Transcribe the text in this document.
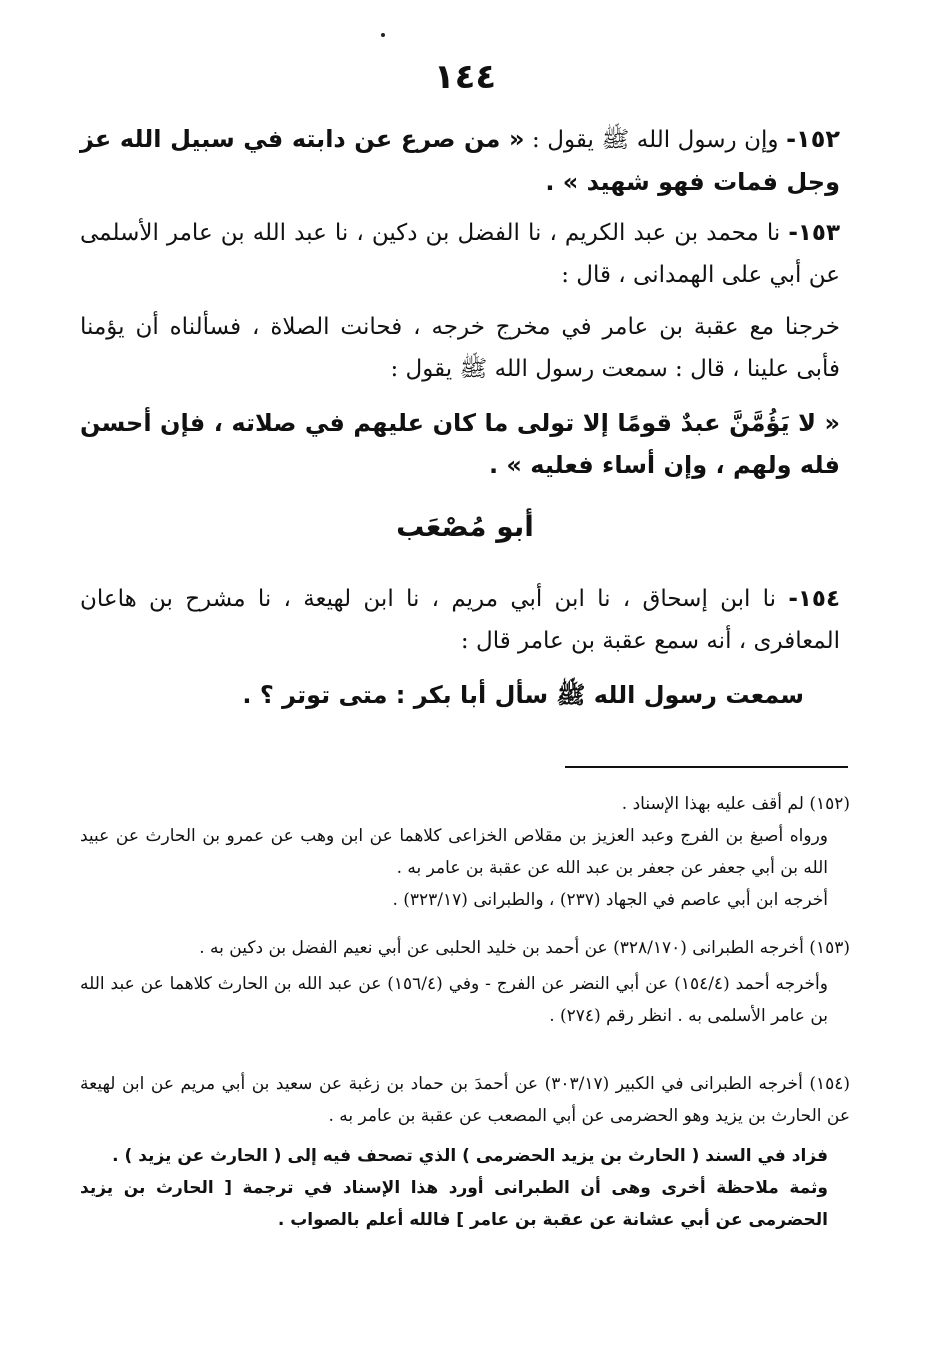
١٤٤

١٥٢- وإن رسول الله ﷺ يقول : « من صرع عن دابته في سبيل الله عز وجل فمات فهو شهيد » .

١٥٣- نا محمد بن عبد الكريم ، نا الفضل بن دكين ، نا عبد الله بن عامر الأسلمى عن أبي على الهمدانى ، قال :

خرجنا مع عقبة بن عامر في مخرج خرجه ، فحانت الصلاة ، فسألناه أن يؤمنا فأبى علينا ، قال : سمعت رسول الله ﷺ يقول :

« لا يَؤُمَّنَّ عبدٌ قومًا إلا تولى ما كان عليهم في صلاته ، فإن أحسن فله ولهم ، وإن أساء فعليه » .

أبو مُصْعَب

١٥٤- نا ابن إسحاق ، نا ابن أبي مريم ، نا ابن لهيعة ، نا مشرح بن هاعان المعافرى ، أنه سمع عقبة بن عامر قال :

سمعت رسول الله ﷺ سأل أبا بكر : متى توتر ؟ .

(١٥٢) لم أقف عليه بهذا الإسناد .

ورواه أصبغ بن الفرج وعبد العزيز بن مقلاص الخزاعى كلاهما عن ابن وهب عن عمرو بن الحارث عن عبيد الله بن أبي جعفر عن جعفر بن عبد الله عن عقبة بن عامر به .

أخرجه ابن أبي عاصم في الجهاد (٢٣٧) ، والطبرانى (٣٢٣/١٧) .

(١٥٣) أخرجه الطبرانى (٣٢٨/١٧٠) عن أحمد بن خليد الحلبى عن أبي نعيم الفضل بن دكين به .

وأخرجه أحمد (١٥٤/٤) عن أبي النضر عن الفرج - وفي (١٥٦/٤) عن عبد الله بن الحارث كلاهما عن عبد الله بن عامر الأسلمى به . انظر رقم (٢٧٤) .

(١٥٤) أخرجه الطبرانى في الكبير (٣٠٣/١٧) عن أحمدَ بن حماد بن زغبة عن سعيد بن أبي مريم عن ابن لهيعة عن الحارث بن يزيد وهو الحضرمى عن أبي المصعب عن عقبة بن عامر به .

فزاد في السند ( الحارث بن يزيد الحضرمى ) الذي تصحف فيه إلى ( الحارث عن يزيد ) .

وثمة ملاحظة أخرى وهى أن الطبرانى أورد هذا الإسناد في ترجمة [ الحارث بن يزيد الحضرمى عن أبي عشانة عن عقبة بن عامر ] فالله أعلم بالصواب .
